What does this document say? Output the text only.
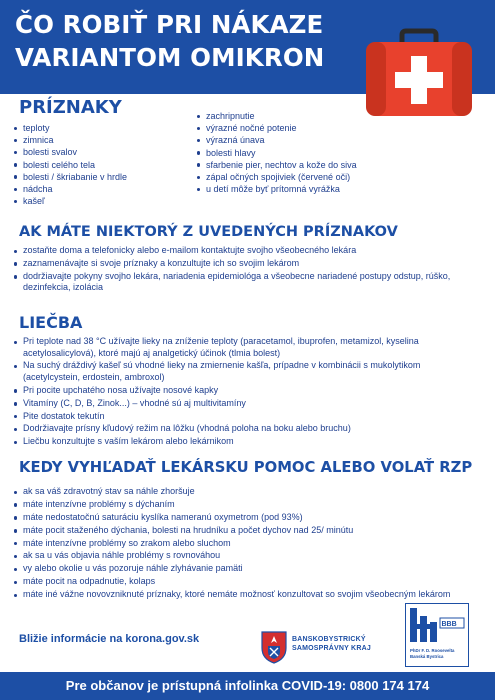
ČO ROBIŤ PRI NÁKAZE
VARIANTOM OMIKRON
PRÍZNAKY
teploty
zimnica
bolesti svalov
bolesti celého tela
bolesti / škriabanie v hrdle
nádcha
kašeľ
zachripnutie
výrazné nočné potenie
výrazná únava
bolesti hlavy
sfarbenie pier, nechtov a kože do siva
zápal očných spojiviek (červené oči)
u detí môže byť prítomná vyrážka
AK MÁTE NIEKTORÝ Z UVEDENÝCH PRÍZNAKOV
zostaňte doma a telefonicky alebo e-mailom kontaktujte svojho všeobecného lekára
zaznamenávajte si svoje príznaky a konzultujte ich so svojim lekárom
dodržiavajte pokyny svojho lekára, nariadenia epidemiológa a všeobecne nariadené postupy odstup, rúško, dezinfekcia, izolácia
LIEČBA
Pri teplote nad 38 °C užívajte lieky na zníženie teploty (paracetamol, ibuprofen, metamizol, kyselina acetylosalicylová), ktoré majú aj analgetický účinok (tlmia bolest)
Na suchý dráždivý kašeľ sú vhodné lieky na zmiernenie kašľa, prípadne v kombinácii s mukolytikom (acetylcystein, erdostein, ambroxol)
Pri pocite upchatého nosa užívajte nosové kapky
Vitamíny (C, D, B, Zinok...) – vhodné sú aj multivitamíny
Pite dostatok tekutín
Dodržiavajte prísny kľudový režim na lôžku (vhodná poloha na boku alebo bruchu)
Liečbu konzultujte s vaším lekárom alebo lekárnikom
KEDY VYHĽADAŤ LEKÁRSKU POMOC ALEBO VOLAŤ RZP
ak sa váš zdravotný stav sa náhle zhoršuje
máte intenzívne problémy s dýchaním
máte nedostatočnú saturáciu kyslíka nameranú oxymetrom (pod 93%)
máte pocit staženého dýchania, bolesti na hrudníku a počet dychov nad 25/ minútu
máte intenzívne problémy so zrakom alebo sluchom
ak sa u vás objavia náhle problémy s rovnováhou
vy alebo okolie u vás pozoruje náhle zlyhávanie pamäti
máte pocit na odpadnutie, kolaps
máte iné vážne novovzniknuté príznaky, ktoré nemáte možnosť konzultovat so svojim všeobecným lekárom
Bližie informácie na korona.gov.sk	BANSKOBYSTRICKÝ
SAMOSPRÁVNY KRAJ
BBB
PhDr F. D. Roosevelta
Banská Bystrica
Pre občanov je prístupná infolinka COVID-19: 0800 174 174
